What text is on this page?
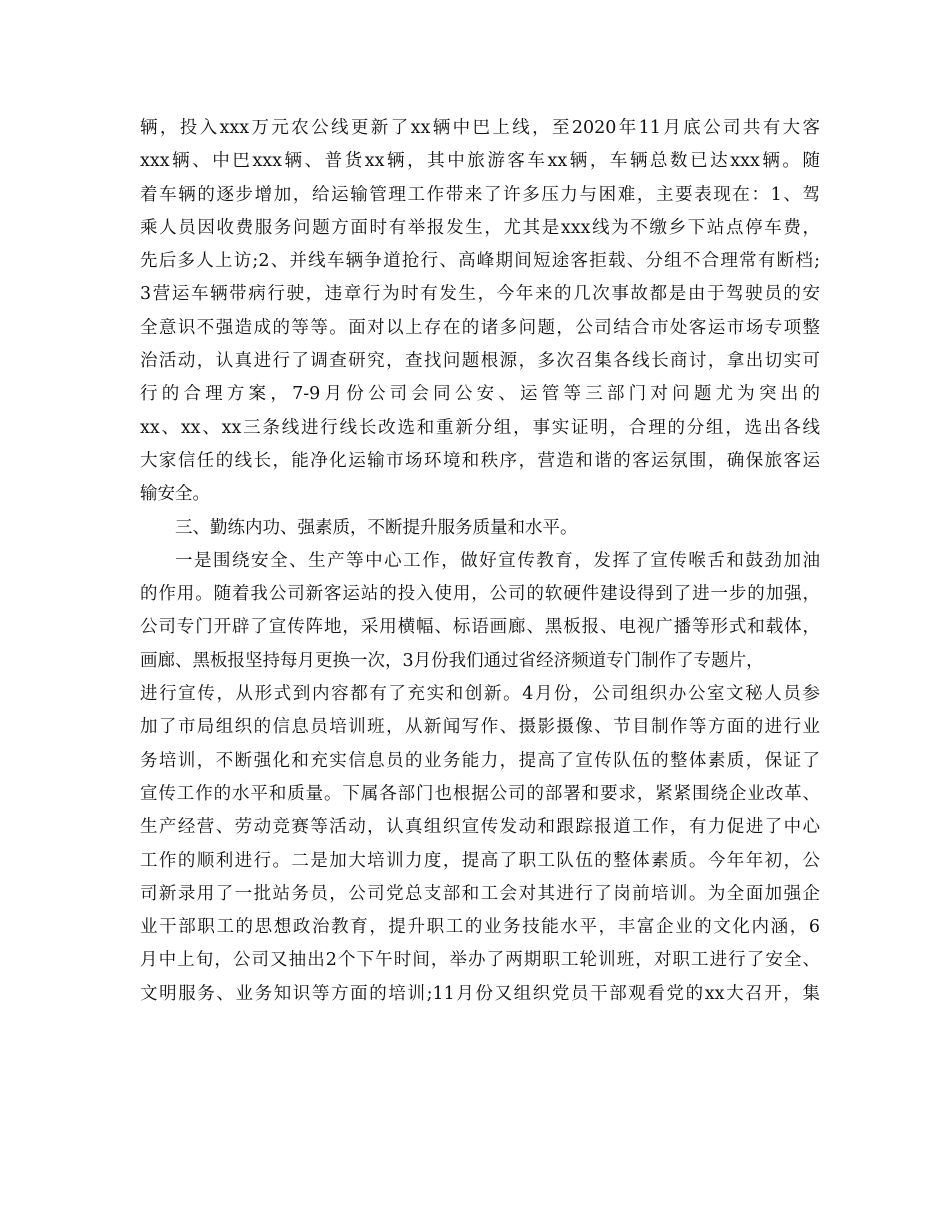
辆，投入xxx万元农公线更新了xx辆中巴上线，至2020年11月底公司共有大客
xxx辆、中巴xxx辆、普货xx辆，其中旅游客车xx辆，车辆总数已达xxx辆。随
着车辆的逐步增加，给运输管理工作带来了许多压力与困难，主要表现在：1、驾
乘人员因收费服务问题方面时有举报发生，尤其是xxx线为不缴乡下站点停车费，
先后多人上访;2、并线车辆争道抢行、高峰期间短途客拒载、分组不合理常有断档;
3营运车辆带病行驶，违章行为时有发生，今年来的几次事故都是由于驾驶员的安
全意识不强造成的等等。面对以上存在的诸多问题，公司结合市处客运市场专项整
治活动，认真进行了调查研究，查找问题根源，多次召集各线长商讨，拿出切实可
行的合理方案，7-9月份公司会同公安、运管等三部门对问题尤为突出的
xx、xx、xx三条线进行线长改选和重新分组，事实证明，合理的分组，选出各线
大家信任的线长，能净化运输市场环境和秩序，营造和谐的客运氛围，确保旅客运
输安全。
三、勤练内功、强素质，不断提升服务质量和水平。
一是围绕安全、生产等中心工作，做好宣传教育，发挥了宣传喉舌和鼓劲加油
的作用。随着我公司新客运站的投入使用，公司的软硬件建设得到了进一步的加强，
公司专门开辟了宣传阵地，采用横幅、标语画廊、黑板报、电视广播等形式和载体，
画廊、黑板报坚持每月更换一次，3月份我们通过省经济频道专门制作了专题片，
进行宣传，从形式到内容都有了充实和创新。4月份，公司组织办公室文秘人员参
加了市局组织的信息员培训班，从新闻写作、摄影摄像、节目制作等方面的进行业
务培训，不断强化和充实信息员的业务能力，提高了宣传队伍的整体素质，保证了
宣传工作的水平和质量。下属各部门也根据公司的部署和要求，紧紧围绕企业改革、
生产经营、劳动竞赛等活动，认真组织宣传发动和跟踪报道工作，有力促进了中心
工作的顺利进行。二是加大培训力度，提高了职工队伍的整体素质。今年年初，公
司新录用了一批站务员，公司党总支部和工会对其进行了岗前培训。为全面加强企
业干部职工的思想政治教育，提升职工的业务技能水平，丰富企业的文化内涵，6
月中上旬，公司又抽出2个下午时间，举办了两期职工轮训班，对职工进行了安全、
文明服务、业务知识等方面的培训;11月份又组织党员干部观看党的xx大召开，集
